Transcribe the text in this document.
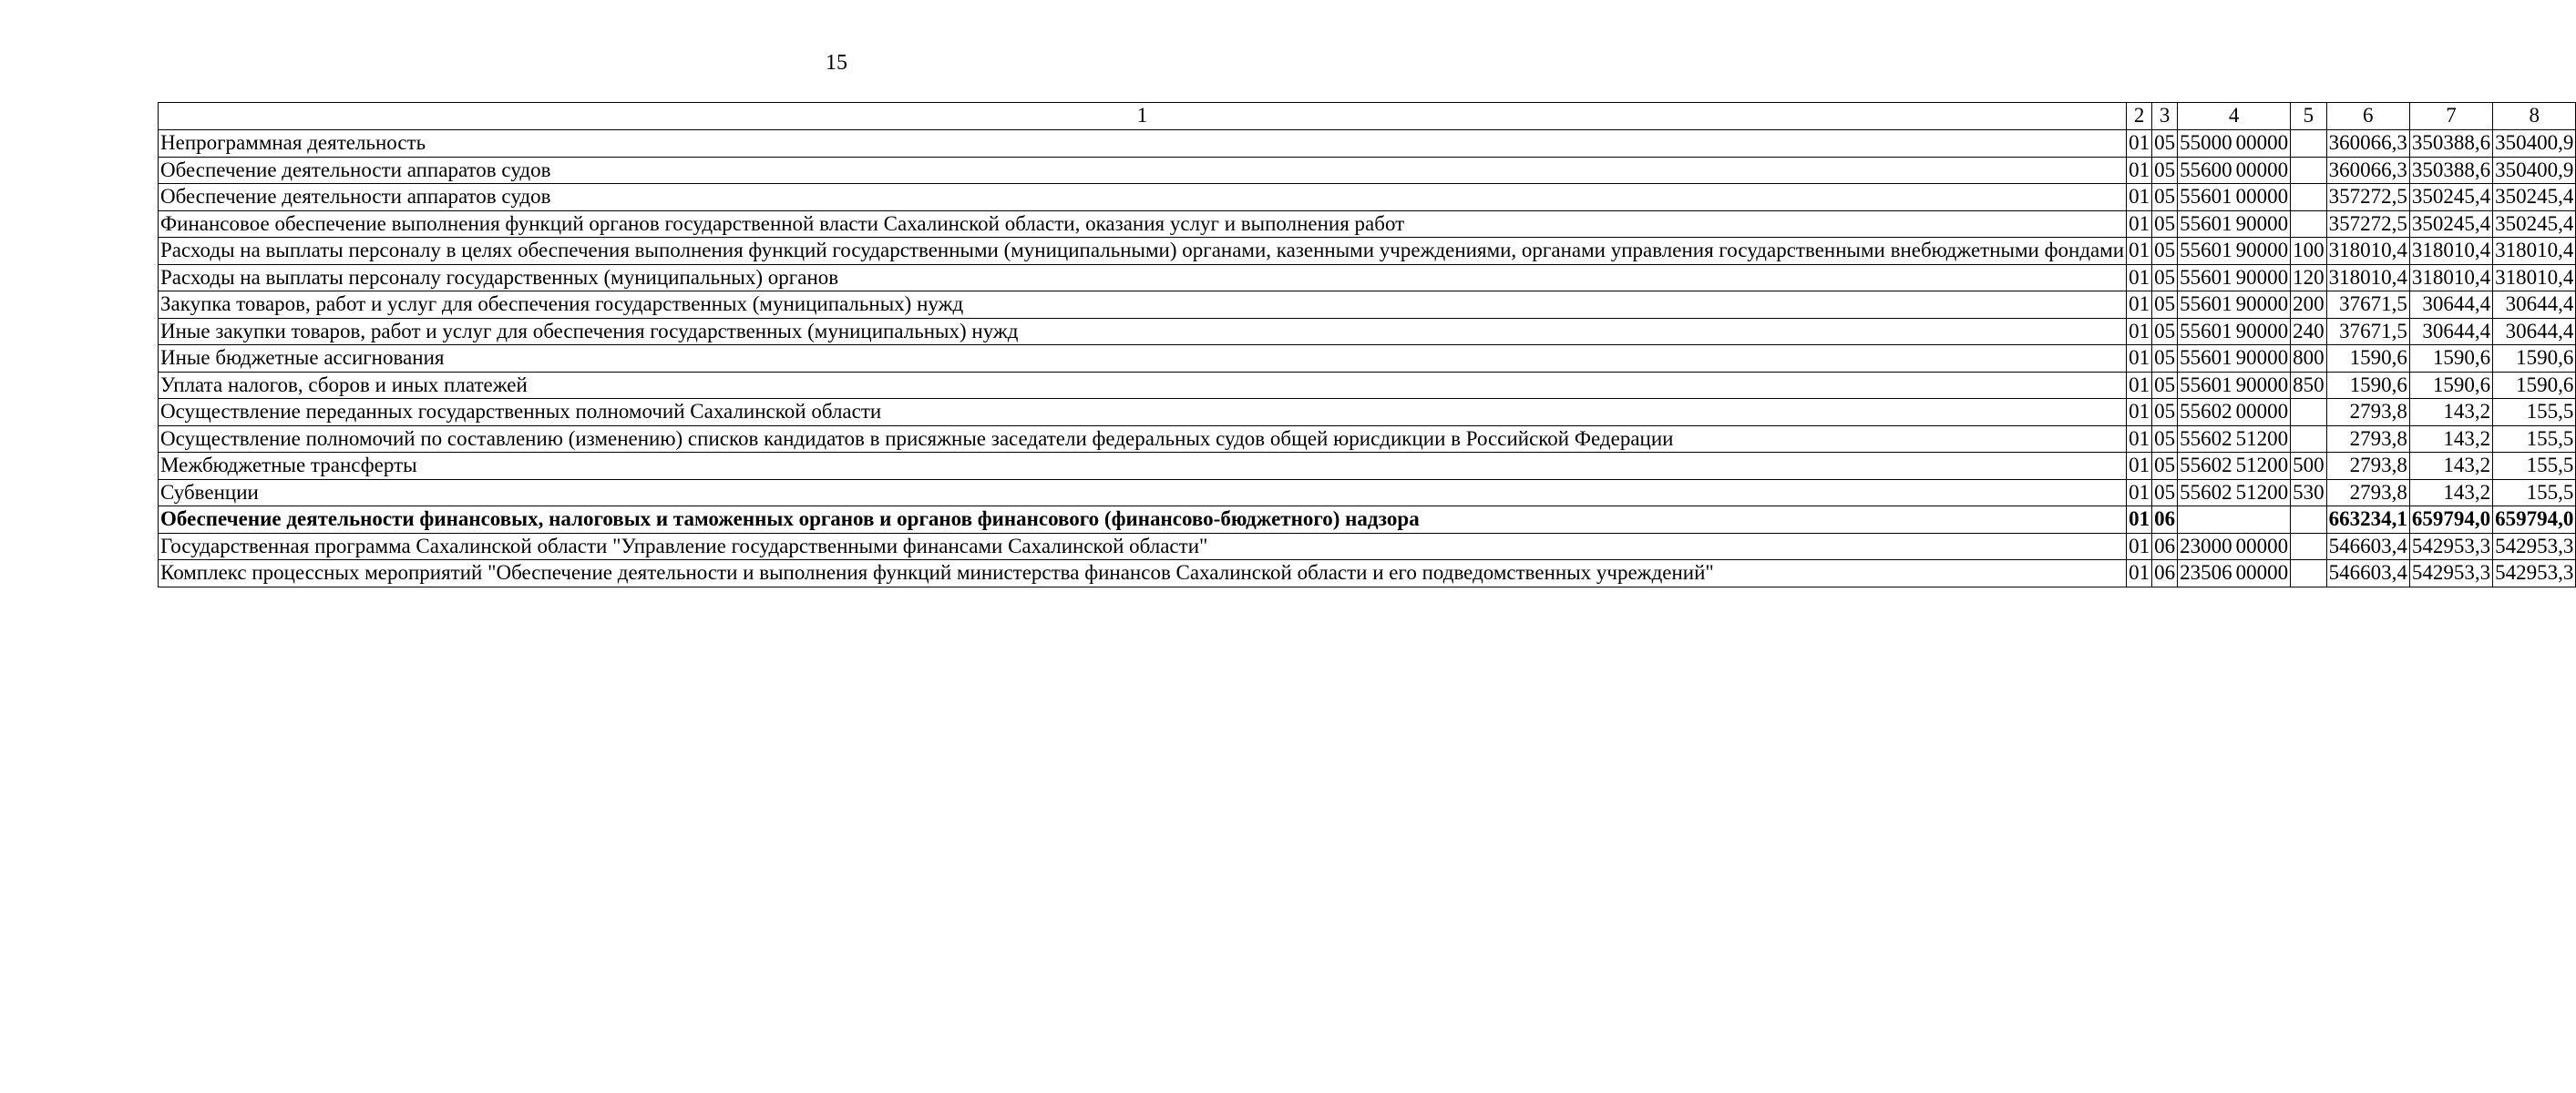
15
1	2	3	4		5	6	7	8
Непрограммная деятельность	01	05	55000	00000		360066,3	350388,6	350400,9
Обеспечение деятельности аппаратов судов	01	05	55600	00000		360066,3	350388,6	350400,9
Обеспечение деятельности аппаратов судов	01	05	55601	00000		357272,5	350245,4	350245,4
Финансовое обеспечение выполнения функций органов государственной власти Сахалинской области, оказания услуг и выполнения работ	01	05	55601	90000		357272,5	350245,4	350245,4
Расходы на выплаты персоналу в целях обеспечения выполнения функций государственными (муниципальными) органами, казенными учреждениями, органами управления государственными внебюджетными фондами	01	05	55601	90000	100	318010,4	318010,4	318010,4
Расходы на выплаты персоналу государственных (муниципальных) органов	01	05	55601	90000	120	318010,4	318010,4	318010,4
Закупка товаров, работ и услуг для обеспечения государственных (муниципальных) нужд	01	05	55601	90000	200	37671,5	30644,4	30644,4
Иные закупки товаров, работ и услуг для обеспечения государственных (муниципальных) нужд	01	05	55601	90000	240	37671,5	30644,4	30644,4
Иные бюджетные ассигнования	01	05	55601	90000	800	1590,6	1590,6	1590,6
Уплата налогов, сборов и иных платежей	01	05	55601	90000	850	1590,6	1590,6	1590,6
Осуществление переданных государственных полномочий Сахалинской области	01	05	55602	00000		2793,8	143,2	155,5
Осуществление полномочий по составлению (изменению) списков кандидатов в присяжные заседатели федеральных судов общей юрисдикции в Российской Федерации	01	05	55602	51200		2793,8	143,2	155,5
Межбюджетные трансферты	01	05	55602	51200	500	2793,8	143,2	155,5
Субвенции	01	05	55602	51200	530	2793,8	143,2	155,5
Обеспечение деятельности финансовых, налоговых и таможенных органов и органов финансового (финансово-бюджетного) надзора	01	06				663234,1	659794,0	659794,0
Государственная программа Сахалинской области "Управление государственными финансами Сахалинской области"	01	06	23000	00000		546603,4	542953,3	542953,3
Комплекс процессных мероприятий "Обеспечение деятельности и выполнения функций министерства финансов Сахалинской области и его подведомственных учреждений"	01	06	23506	00000		546603,4	542953,3	542953,3
